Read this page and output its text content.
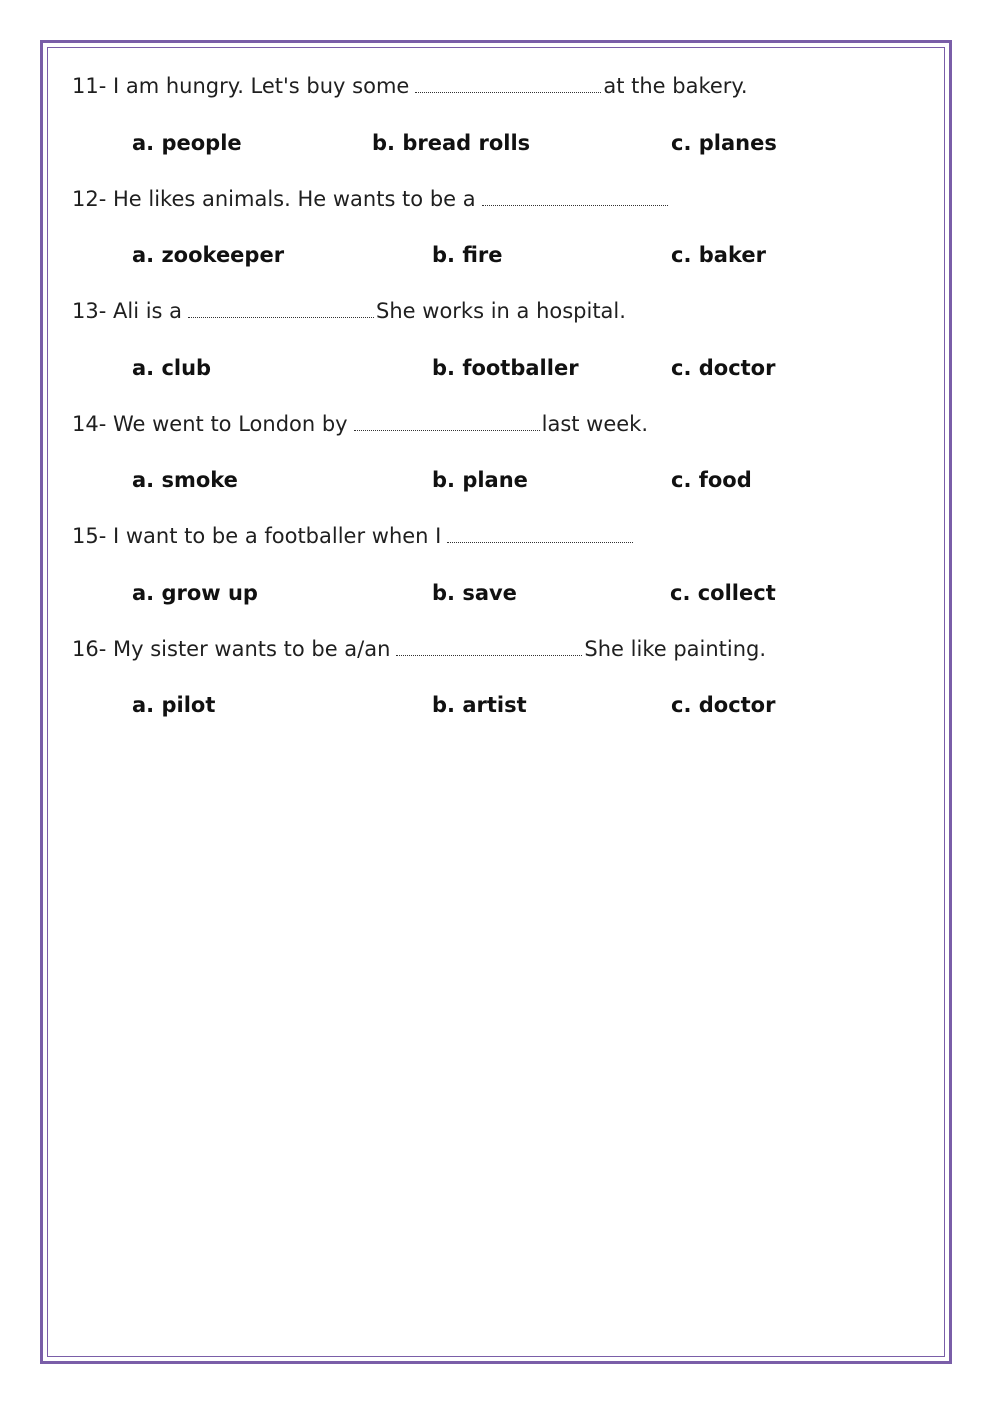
11- I am hungry. Let's buy some	at the bakery.
a. people	b. bread rolls	c. planes
12- He likes animals. He wants to be a
a. zookeeper	b. fire	c. baker
13- Ali is a	She works in a hospital.
a. club	b. footballer	c. doctor
14- We went to London by	last week.
a. smoke	b. plane	c. food
15- I want to be a footballer when I
a. grow up	b. save	c. collect
16- My sister wants to be a/an	She like painting.
a. pilot	b. artist	c. doctor
